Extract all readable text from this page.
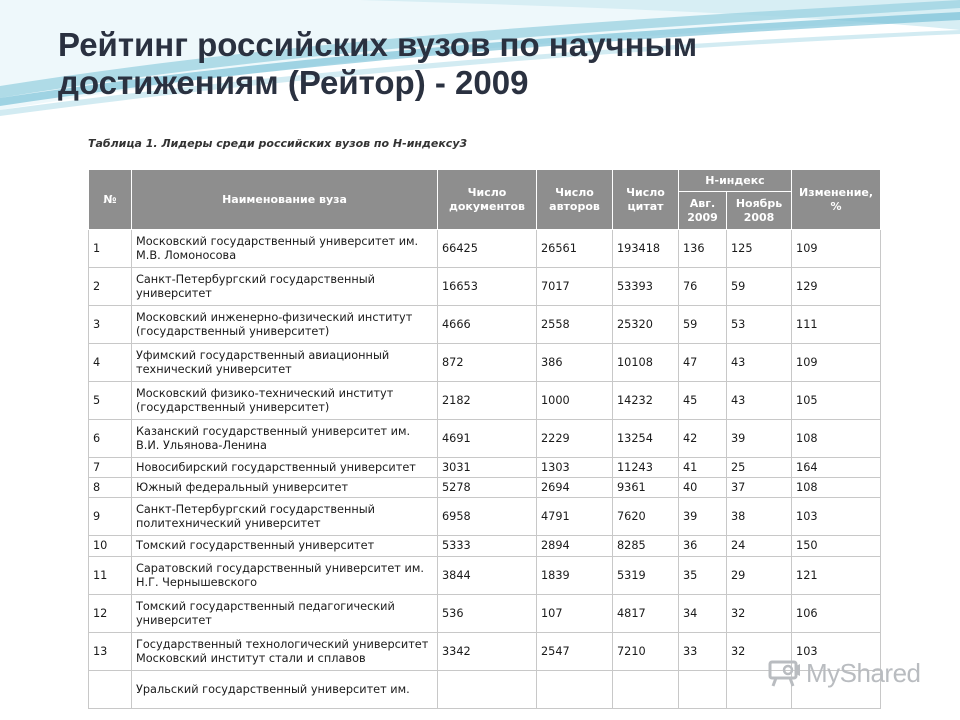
Рейтинг российских вузов по научным достижениям (Рейтор) - 2009
Таблица 1. Лидеры среди российских вузов по H-индексу3
№	Наименование вуза	Число документов	Число авторов	Число цитат	H-индекс		Изменение, %
					Авг. 2009	Ноябрь 2008	
1	Московский государственный университет им. М.В. Ломоносова	66425	26561	193418	136	125	109
2	Санкт-Петербургский государственный университет	16653	7017	53393	76	59	129
3	Московский инженерно-физический институт (государственный университет)	4666	2558	25320	59	53	111
4	Уфимский государственный авиационный технический университет	872	386	10108	47	43	109
5	Московский физико-технический институт (государственный университет)	2182	1000	14232	45	43	105
6	Казанский государственный университет им. В.И. Ульянова-Ленина	4691	2229	13254	42	39	108
7	Новосибирский государственный университет	3031	1303	11243	41	25	164
8	Южный федеральный университет	5278	2694	9361	40	37	108
9	Санкт-Петербургский государственный политехнический университет	6958	4791	7620	39	38	103
10	Томский государственный университет	5333	2894	8285	36	24	150
11	Саратовский государственный университет им. Н.Г. Чернышевского	3844	1839	5319	35	29	121
12	Томский государственный педагогический университет	536	107	4817	34	32	106
13	Государственный технологический университет Московский институт стали и сплавов	3342	2547	7210	33	32	103
	Уральский государственный университет им.						
MyShared
